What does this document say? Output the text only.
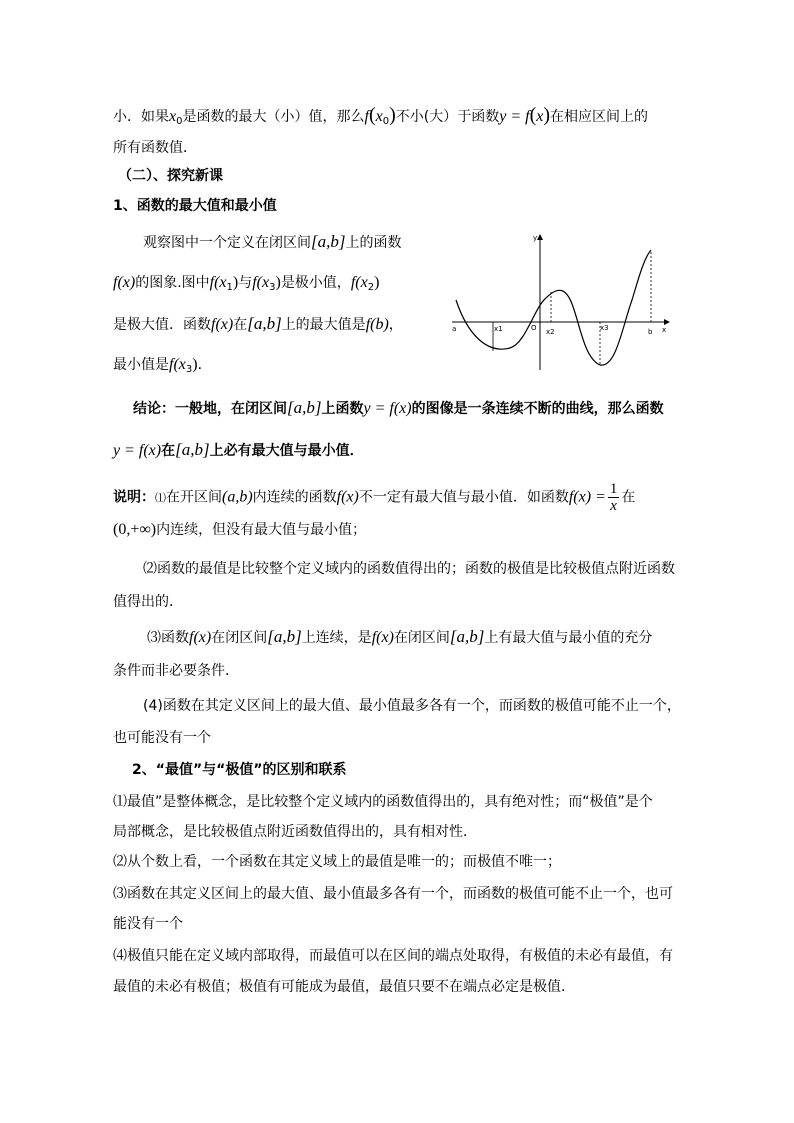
小．如果$x_0$是函数的最大（小）值，那么$f(x_0)$不小(大）于函数y = f(x)在相应区间上的
所有函数值．
（二）、探究新课
1、函数的最大值和最小值
观察图中一个定义在闭区间[a,b]上的函数
f(x)的图象.图中$f(x_1)$与$f(x_3)$是极小值，$f(x_2)$
是极大值．函数f(x)在[a,b]上的最大值是f(b)，
最小值是$f(x_3)$．
y
x
a	x1	O x2	x3	b
结论：一般地，在闭区间[a,b]上函数y = f(x)的图像是一条连续不断的曲线，那么函数
y = f(x)在[a,b]上必有最大值与最小值．
说明：⑴在开区间(a,b)内连续的函数f(x)不一定有最大值与最小值．如函数$f(x) = \frac{1}{x}$ 在
(0,+∞)内连续，但没有最大值与最小值；
⑵函数的最值是比较整个定义域内的函数值得出的；函数的极值是比较极值点附近函数
值得出的．
⑶函数f(x)在闭区间[a,b]上连续，是f(x)在闭区间[a,b]上有最大值与最小值的充分
条件而非必要条件．
(4)函数在其定义区间上的最大值、最小值最多各有一个，而函数的极值可能不止一个，
也可能没有一个
2、“最值”与“极值”的区别和联系
⑴最值”是整体概念，是比较整个定义域内的函数值得出的，具有绝对性；而“极值”是个
局部概念，是比较极值点附近函数值得出的，具有相对性．
⑵从个数上看，一个函数在其定义域上的最值是唯一的；而极值不唯一；
⑶函数在其定义区间上的最大值、最小值最多各有一个，而函数的极值可能不止一个，也可
能没有一个
⑷极值只能在定义域内部取得，而最值可以在区间的端点处取得，有极值的未必有最值，有
最值的未必有极值；极值有可能成为最值，最值只要不在端点必定是极值．
